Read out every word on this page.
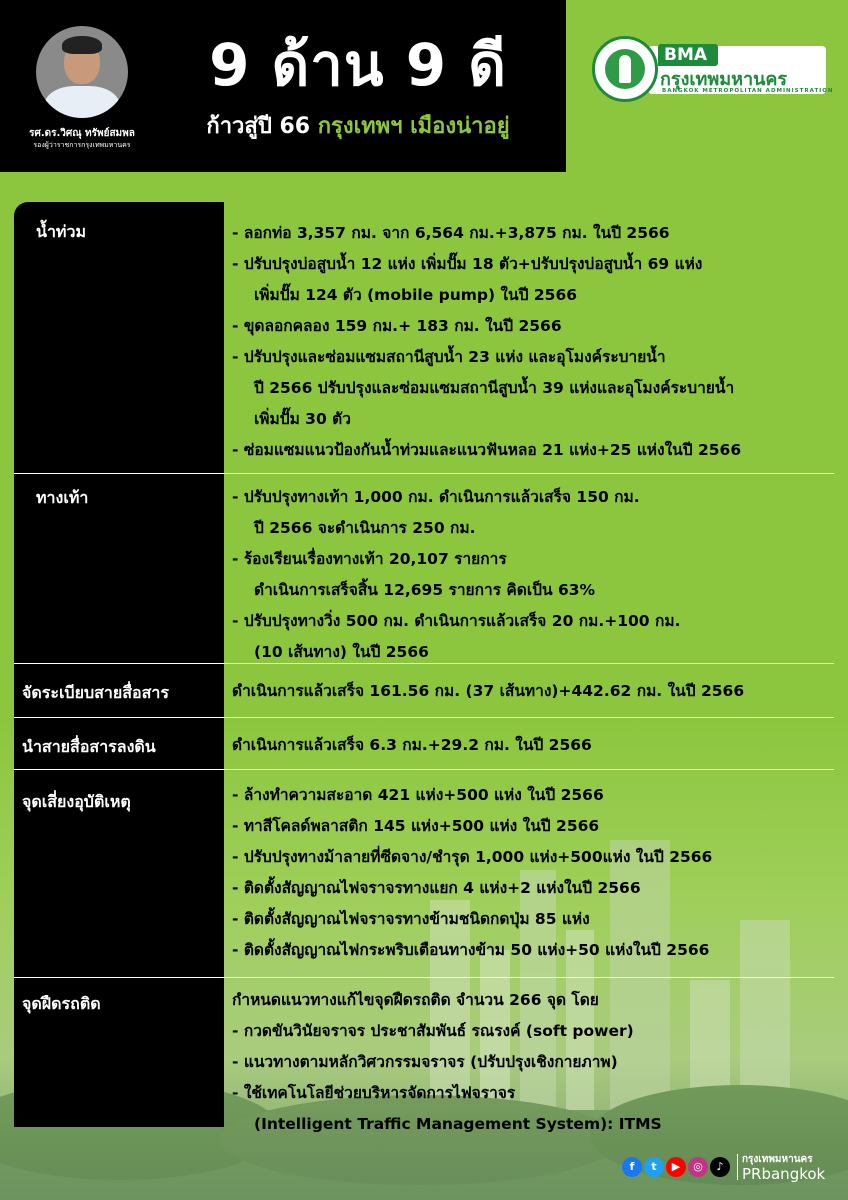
รศ.ดร.วิศณุ ทรัพย์สมพล
รองผู้ว่าราชการกรุงเทพมหานคร
9 ด้าน 9 ดี
ก้าวสู่ปี 66 กรุงเทพฯ เมืองน่าอยู่
BMA
กรุงเทพมหานคร
BANGKOK METROPOLITAN ADMINISTRATION
น้ำท่วม	- ลอกท่อ 3,357 กม. จาก 6,564 กม.+3,875 กม. ในปี 2566
- ปรับปรุงบ่อสูบน้ำ 12 แห่ง เพิ่มปั๊ม 18 ตัว+ปรับปรุงบ่อสูบน้ำ 69 แห่ง
เพิ่มปั๊ม 124 ตัว (mobile pump) ในปี 2566
- ขุดลอกคลอง 159 กม.+ 183 กม. ในปี 2566
- ปรับปรุงและซ่อมแซมสถานีสูบน้ำ 23 แห่ง และอุโมงค์ระบายน้ำ
ปี 2566 ปรับปรุงและซ่อมแซมสถานีสูบน้ำ 39 แห่งและอุโมงค์ระบายน้ำ
เพิ่มปั๊ม 30 ตัว
- ซ่อมแซมแนวป้องกันน้ำท่วมและแนวฟันหลอ 21 แห่ง+25 แห่งในปี 2566
ทางเท้า	- ปรับปรุงทางเท้า 1,000 กม. ดำเนินการแล้วเสร็จ 150 กม.
ปี 2566 จะดำเนินการ 250 กม.
- ร้องเรียนเรื่องทางเท้า 20,107 รายการ
ดำเนินการเสร็จสิ้น 12,695 รายการ คิดเป็น 63%
- ปรับปรุงทางวิ่ง 500 กม. ดำเนินการแล้วเสร็จ 20 กม.+100 กม.
(10 เส้นทาง) ในปี 2566
จัดระเบียบสายสื่อสาร	ดำเนินการแล้วเสร็จ 161.56 กม. (37 เส้นทาง)+442.62 กม. ในปี 2566
นำสายสื่อสารลงดิน	ดำเนินการแล้วเสร็จ 6.3 กม.+29.2 กม. ในปี 2566
จุดเสี่ยงอุบัติเหตุ	- ล้างทำความสะอาด 421 แห่ง+500 แห่ง ในปี 2566
- ทาสีโคลด์พลาสติก 145 แห่ง+500 แห่ง ในปี 2566
- ปรับปรุงทางม้าลายที่ซีดจาง/ชำรุด 1,000 แห่ง+500แห่ง ในปี 2566
- ติดตั้งสัญญาณไฟจราจรทางแยก 4 แห่ง+2 แห่งในปี 2566
- ติดตั้งสัญญาณไฟจราจรทางข้ามชนิดกดปุ่ม 85 แห่ง
- ติดตั้งสัญญาณไฟกระพริบเตือนทางข้าม 50 แห่ง+50 แห่งในปี 2566
จุดฝืดรถติด	กำหนดแนวทางแก้ไขจุดฝืดรถติด จำนวน 266 จุด โดย
- กวดขันวินัยจราจร ประชาสัมพันธ์ รณรงค์ (soft power)
- แนวทางตามหลักวิศวกรรมจราจร (ปรับปรุงเชิงกายภาพ)
- ใช้เทคโนโลยีช่วยบริหารจัดการไฟจราจร
(Intelligent Traffic Management System): ITMS
f	t	▶	◎	♪
กรุงเทพมหานคร
PRbangkok
